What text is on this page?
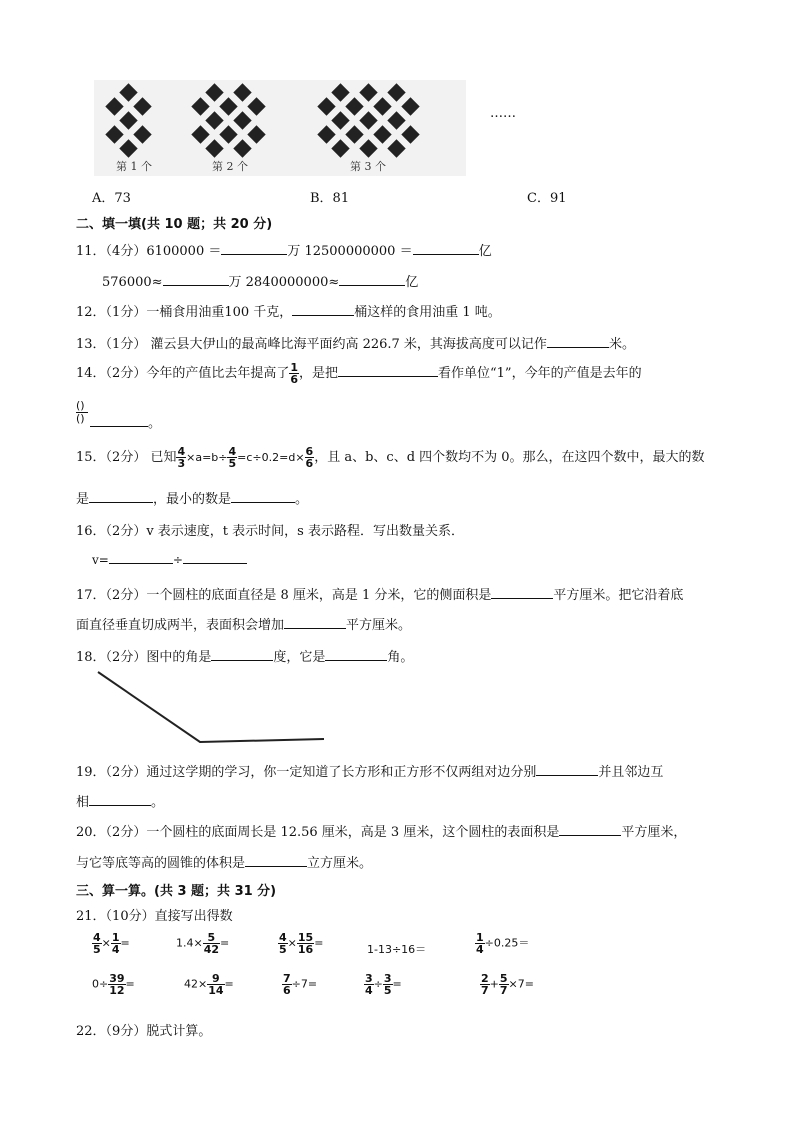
第 1 个	第 2 个	第 3 个
……
A．73	B．81	C．91
二、填一填(共 10 题；共 20 分)
11．（4分）6100000 ＝	万 12500000000 ＝	亿
576000≈	万 2840000000≈	亿
12．（1分）一桶食用油重100 千克，	桶这样的食用油重 1 吨。
13．（1分） 灌云县大伊山的最高峰比海平面约高 226.7 米，其海拔高度可以记作	米。
14．（2分）今年的产值比去年提高了 $\frac{1}{6}$ ，是把	看作单位“1”，今年的产值是去年的
()
()	。
15．（2分） 已知 $\frac{4}{3} \times a=b\div \frac{4}{5} =c\div 0.2=d\times \frac{6}{6}$ ，且 a、b、c、d 四个数均不为 0。那么，在这四个数中，最大的数
是	，最小的数是	。
16．（2分）v 表示速度，t 表示时间，s 表示路程．写出数量关系．
v=	÷
17．（2分）一个圆柱的底面直径是 8 厘米，高是 1 分米，它的侧面积是	平方厘米。把它沿着底
面直径垂直切成两半，表面积会增加	平方厘米。
18．（2分）图中的角是	度，它是	角。
19．（2分）通过这学期的学习，你一定知道了长方形和正方形不仅两组对边分别	并且邻边互
相	。
20．（2分）一个圆柱的底面周长是 12.56 厘米，高是 3 厘米，这个圆柱的表面积是	平方厘米，
与它等底等高的圆锥的体积是	立方厘米。
三、算一算。(共 3 题；共 31 分)
21．（10分）直接写出得数
$\frac{4}{5} \times \frac{1}{4}$ =	$1.4\times \frac{5}{42}$ =	$\frac{4}{5} \times \frac{15}{16}$ =	1-13÷16＝	$\frac{1}{4} \div 0.25=$
$0\div \frac{39}{12}$ =	$42\times \frac{9}{14}$ =	$\frac{7}{6} \div 7=$	$\frac{3}{4} \div \frac{3}{5}$ =	$\frac{2}{7} + \frac{5}{7} \times 7=$
22．（9分）脱式计算。
